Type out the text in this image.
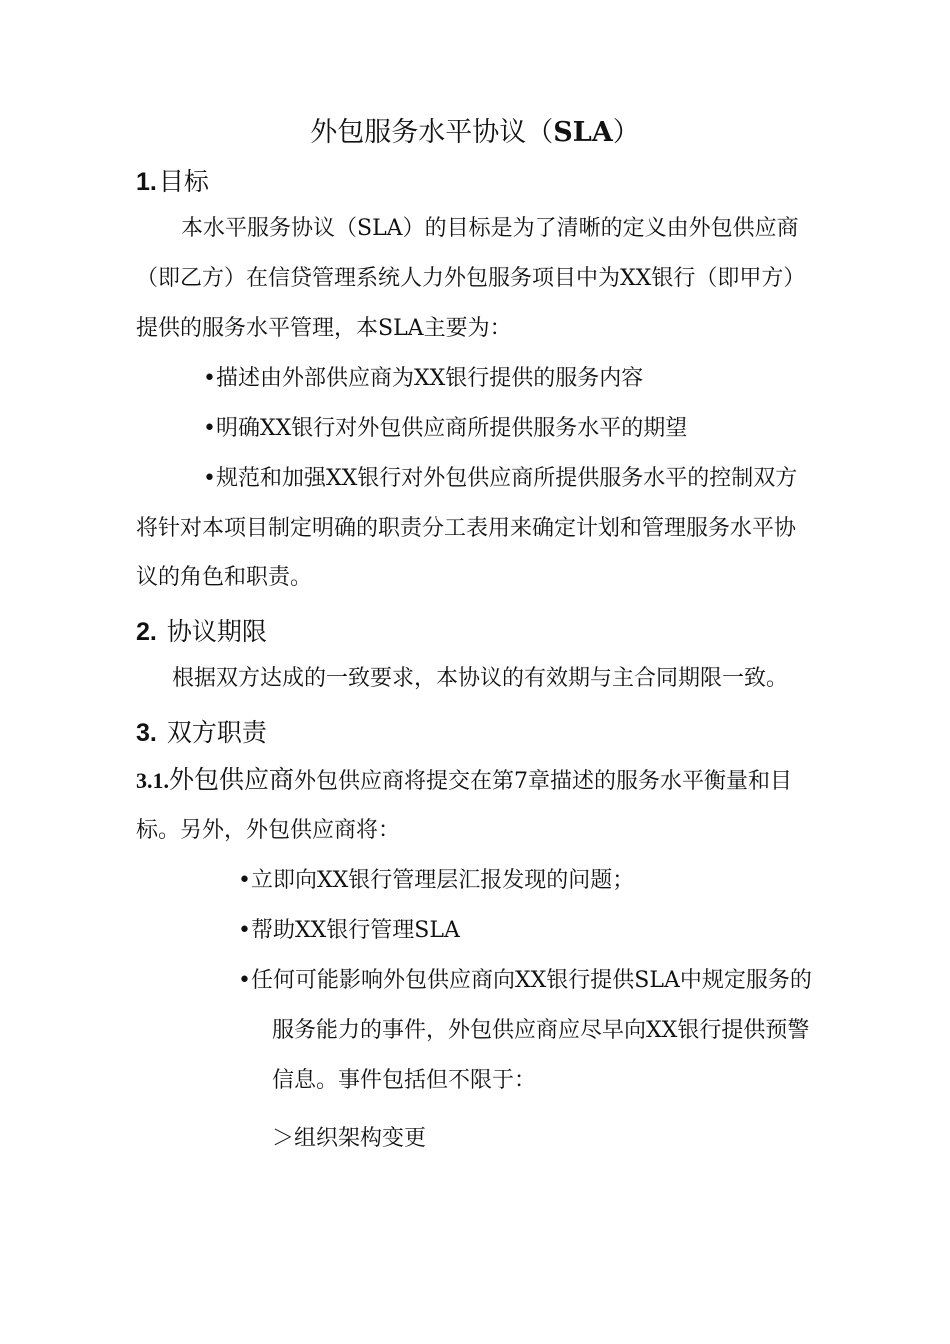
外包服务水平协议（SLA）
1.目标
本水平服务协议（SLA）的目标是为了清晰的定义由外包供应商
（即乙方）在信贷管理系统人力外包服务项目中为XX银行（即甲方）
提供的服务水平管理，本SLA主要为：
•描述由外部供应商为XX银行提供的服务内容
•明确XX银行对外包供应商所提供服务水平的期望
•规范和加强XX银行对外包供应商所提供服务水平的控制双方
将针对本项目制定明确的职责分工表用来确定计划和管理服务水平协
议的角色和职责。
2. 协议期限
根据双方达成的一致要求，本协议的有效期与主合同期限一致。
3. 双方职责
3.1.外包供应商外包供应商将提交在第7章描述的服务水平衡量和目
标。另外，外包供应商将：
•立即向XX银行管理层汇报发现的问题；
•帮助XX银行管理SLA
•任何可能影响外包供应商向XX银行提供SLA中规定服务的
服务能力的事件，外包供应商应尽早向XX银行提供预警
信息。事件包括但不限于：
＞组织架构变更
